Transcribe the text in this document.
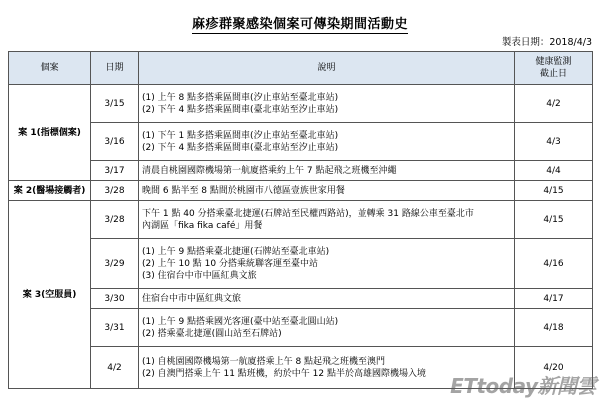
麻疹群聚感染個案可傳染期間活動史
製表日期：2018/4/3
個案	日期	說明	健康監測
截止日

案 1(指標個案)	3/15	(1) 上午 8 點多搭乘區間車(汐止車站至臺北車站)
(2) 下午 4 點多搭乘區間車(臺北車站至汐止車站)	4/2
	3/16	(1) 下午 1 點多搭乘區間車(汐止車站至臺北車站)
(2) 下午 4 點多搭乘區間車(臺北車站至汐止車站)	4/3
	3/17	清晨自桃園國際機場第一航廈搭乘約上午 7 點起飛之班機至沖繩	4/4
案 2(醫場接觸者)	3/28	晚間 6 點半至 8 點間於桃園市八德區壹族世家用餐	4/15
案 3(空服員)	3/28	下午 1 點 40 分搭乘臺北捷運(石牌站至民權西路站)，並轉乘 31 路線公車至臺北市
內湖區「fika fika café」用餐	4/15
	3/29	(1) 上午 9 點搭乘臺北捷運(石牌站至臺北車站)
(2) 上午 10 點 10 分搭乘統聯客運至臺中站
(3) 住宿台中市中區紅典文旅	4/16
	3/30	住宿台中市中區紅典文旅	4/17
	3/31	(1) 上午 9 點搭乘國光客運(臺中站至臺北圓山站)
(2) 搭乘臺北捷運(圓山站至石牌站)	4/18
	4/2	(1) 自桃園國際機場第一航廈搭乘上午 8 點起飛之班機至澳門
(2) 自澳門搭乘上午 11 點班機，約於中午 12 點半於高雄國際機場入境	4/20
ETtoday新聞雲
